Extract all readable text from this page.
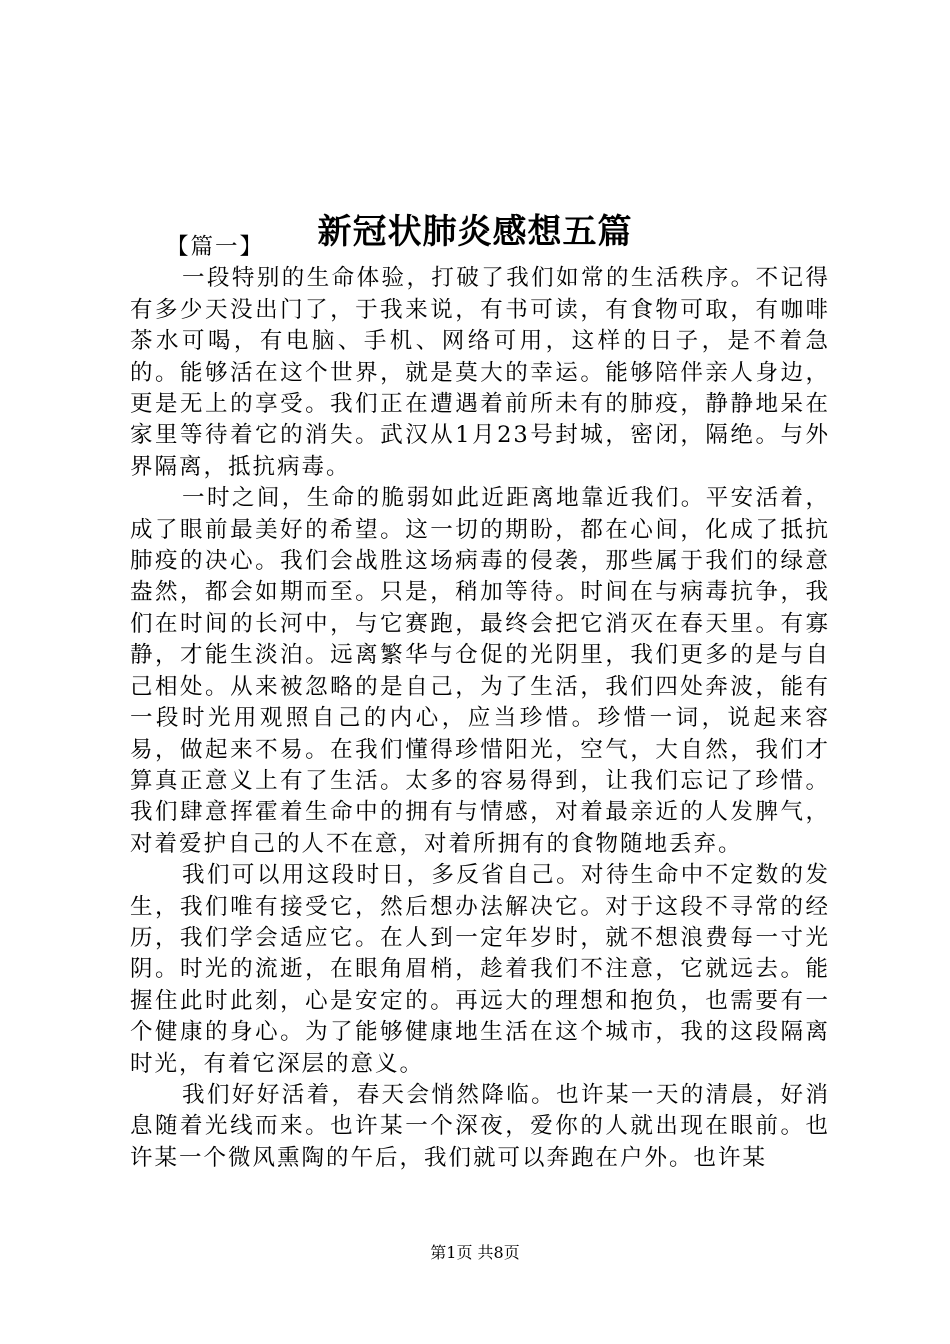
新冠状肺炎感想五篇

【篇一】

一段特别的生命体验，打破了我们如常的生活秩序。不记得有多少天没出门了，于我来说，有书可读，有食物可取，有咖啡茶水可喝，有电脑、手机、网络可用，这样的日子，是不着急的。能够活在这个世界，就是莫大的幸运。能够陪伴亲人身边，更是无上的享受。我们正在遭遇着前所未有的肺疫，静静地呆在家里等待着它的消失。武汉从1月23号封城，密闭，隔绝。与外界隔离，抵抗病毒。

一时之间，生命的脆弱如此近距离地靠近我们。平安活着，成了眼前最美好的希望。这一切的期盼，都在心间，化成了抵抗肺疫的决心。我们会战胜这场病毒的侵袭，那些属于我们的绿意盎然，都会如期而至。只是，稍加等待。时间在与病毒抗争，我们在时间的长河中，与它赛跑，最终会把它消灭在春天里。有寡静，才能生淡泊。远离繁华与仓促的光阴里，我们更多的是与自己相处。从来被忽略的是自己，为了生活，我们四处奔波，能有一段时光用观照自己的内心，应当珍惜。珍惜一词，说起来容易，做起来不易。在我们懂得珍惜阳光，空气，大自然，我们才算真正意义上有了生活。太多的容易得到，让我们忘记了珍惜。我们肆意挥霍着生命中的拥有与情感，对着最亲近的人发脾气，对着爱护自己的人不在意，对着所拥有的食物随地丢弃。

我们可以用这段时日，多反省自己。对待生命中不定数的发生，我们唯有接受它，然后想办法解决它。对于这段不寻常的经历，我们学会适应它。在人到一定年岁时，就不想浪费每一寸光阴。时光的流逝，在眼角眉梢，趁着我们不注意，它就远去。能握住此时此刻，心是安定的。再远大的理想和抱负，也需要有一个健康的身心。为了能够健康地生活在这个城市，我的这段隔离时光，有着它深层的意义。

我们好好活着，春天会悄然降临。也许某一天的清晨，好消息随着光线而来。也许某一个深夜，爱你的人就出现在眼前。也许某一个微风熏陶的午后，我们就可以奔跑在户外。也许某

第1页 共8页
